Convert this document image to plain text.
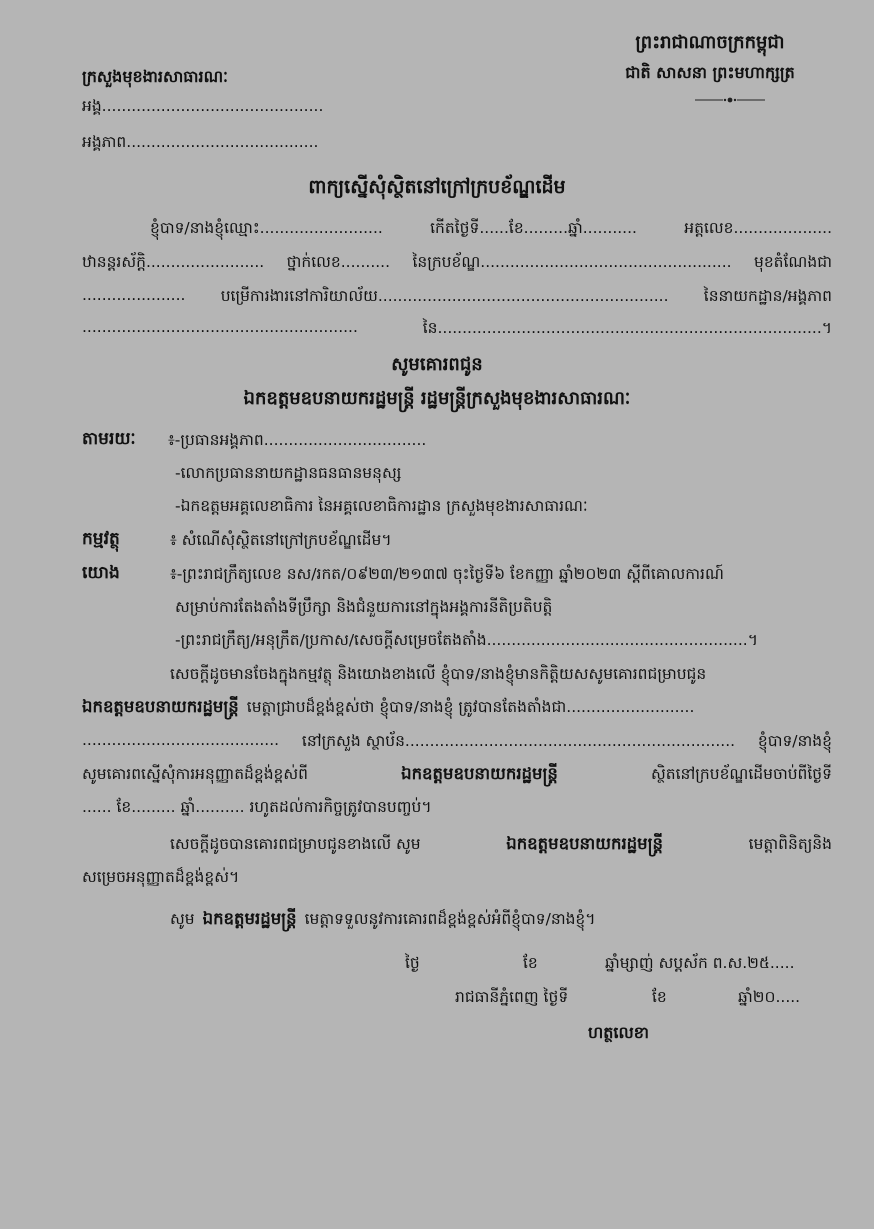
ព្រះរាជាណាចក្រកម្ពុជា
ជាតិ សាសនា ព្រះមហាក្សត្រ
ក្រសួងមុខងារសាធារណៈ
អង្គ.............................................
អង្គភាព.......................................
ពាក្យស្នើសុំស្ថិតនៅក្រៅក្របខ័ណ្ឌដើម
ខ្ញុំបាទ/នាងខ្ញុំឈ្មោះ.........................	កើតថ្ងៃទី......ខែ.........ឆ្នាំ...........	អត្តលេខ....................
ឋានន្តរស័ក្តិ........................ ថ្នាក់លេខ.......... នៃក្របខ័ណ្ឌ................................................... មុខតំណែងជា
..................... បម្រើការងារនៅការិយាល័យ........................................................... នៃនាយកដ្ឋាន/អង្គភាព
........................................................	នៃ..............................................................................។
សូមគោរពជូន
ឯកឧត្តមឧបនាយករដ្ឋមន្ត្រី រដ្ឋមន្ត្រីក្រសួងមុខងារសាធារណៈ
តាមរយៈ ៖-ប្រធានអង្គភាព.................................
-លោកប្រធាននាយកដ្ឋានធនធានមនុស្ស
-ឯកឧត្តមអគ្គលេខាធិការ នៃអគ្គលេខាធិការដ្ឋាន ក្រសួងមុខងារសាធារណៈ
កម្មវត្ថុ	៖ សំណើសុំស្ថិតនៅក្រៅក្របខ័ណ្ឌដើម។
យោង	៖-ព្រះរាជក្រឹត្យលេខ នស/រកត/០៩២៣/២១៣៧ ចុះថ្ងៃទី៦ ខែកញ្ញា ឆ្នាំ២០២៣ ស្តីពីគោលការណ៍
សម្រាប់ការតែងតាំងទីប្រឹក្សា និងជំនួយការនៅក្នុងអង្គការនីតិប្រតិបត្តិ
-ព្រះរាជក្រឹត្យ/អនុក្រឹត/ប្រកាស/សេចក្តីសម្រេចតែងតាំង.....................................................។
សេចក្តីដូចមានចែងក្នុងកម្មវត្ថុ និងយោងខាងលើ ខ្ញុំបាទ/នាងខ្ញុំមានកិត្តិយសសូមគោរពជម្រាបជូន
ឯកឧត្តមឧបនាយករដ្ឋមន្ត្រី មេត្តាជ្រាបដ៏ខ្ពង់ខ្ពស់ថា ខ្ញុំបាទ/នាងខ្ញុំ ត្រូវបានតែងតាំងជា..........................
........................................ នៅក្រសួង ស្ថាប័ន................................................................... ខ្ញុំបាទ/នាងខ្ញុំ
សូមគោរពស្នើសុំការអនុញ្ញាតដ៏ខ្ពង់ខ្ពស់ពី	ឯកឧត្តមឧបនាយករដ្ឋមន្ត្រី	ស្ថិតនៅក្របខ័ណ្ឌដើមចាប់ពីថ្ងៃទី
...... ខែ......... ឆ្នាំ.......... រហូតដល់ការកិច្ចត្រូវបានបញ្ចប់។
សេចក្តីដូចបានគោរពជម្រាបជូនខាងលើ សូម	ឯកឧត្តមឧបនាយករដ្ឋមន្ត្រី	មេត្តាពិនិត្យនិង
សម្រេចអនុញ្ញាតដ៏ខ្ពង់ខ្ពស់។
សូម ឯកឧត្តមរដ្ឋមន្ត្រី មេត្តាទទួលនូវការគោរពដ៏ខ្ពង់ខ្ពស់អំពីខ្ញុំបាទ/នាងខ្ញុំ។
ថ្ងៃ	ខែ	ឆ្នាំម្សាញ់ សប្តស័ក ព.ស.២៥.....
រាជធានីភ្នំពេញ ថ្ងៃទី	ខែ	ឆ្នាំ២០.....
ហត្ថលេខា
